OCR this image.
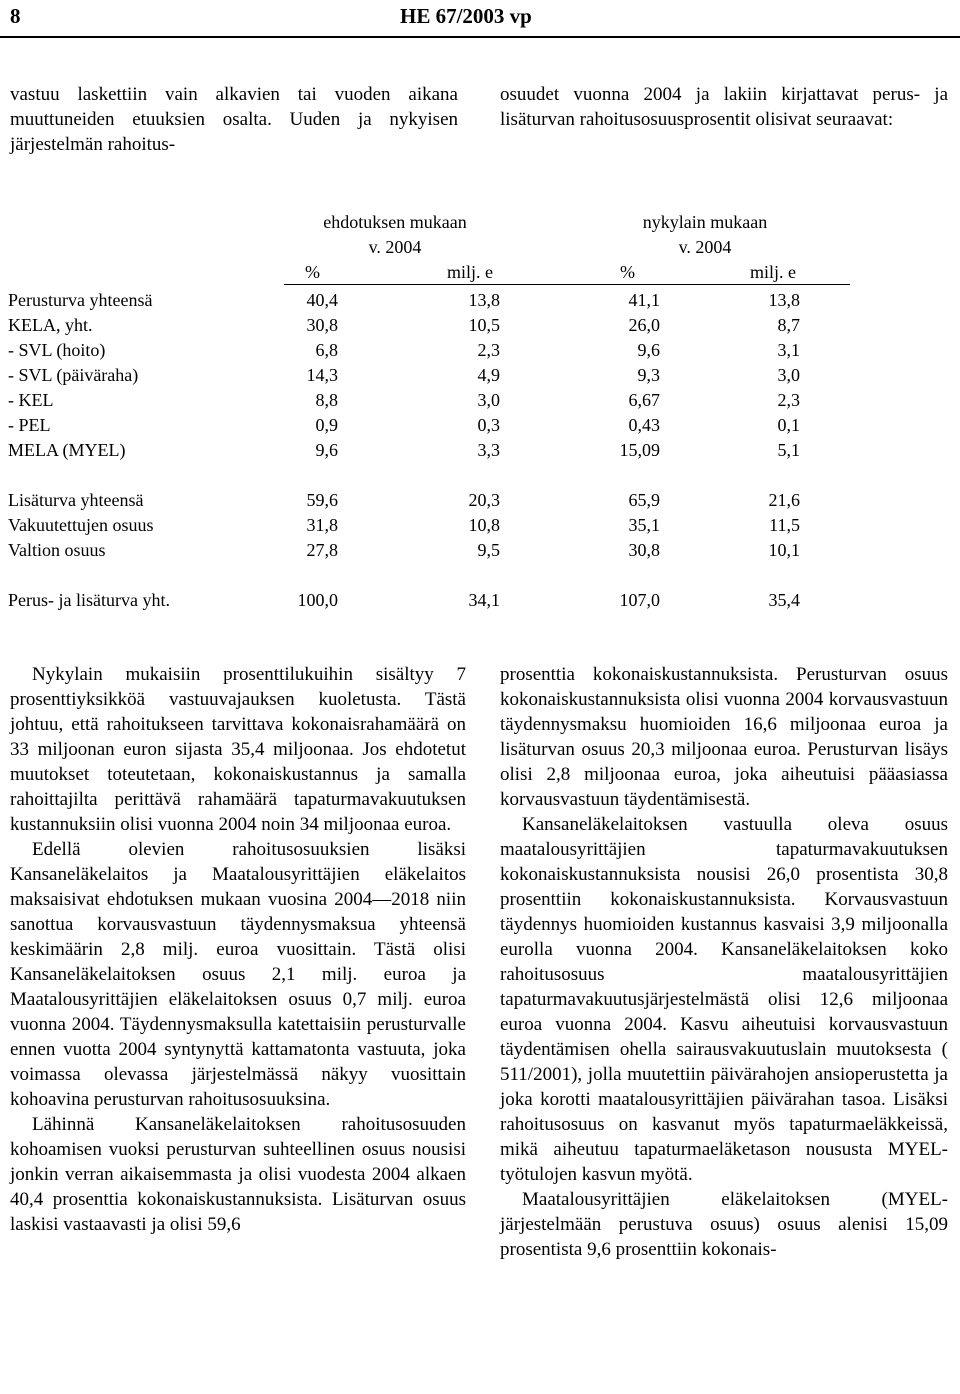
8	HE 67/2003 vp

vastuu laskettiin vain alkavien tai vuoden aikana muuttuneiden etuuksien osalta. Uuden ja nykyisen järjestelmän rahoitus-

osuudet vuonna 2004 ja lakiin kirjattavat perus- ja lisäturvan rahoitusosuusprosentit olisivat seuraavat:

ehdotuksen mukaan	nykylain mukaan
v. 2004	v. 2004
%	milj. e	%	milj. e
Perusturva yhteensä	40,4	13,8	41,1	13,8
KELA, yht.	30,8	10,5	26,0	8,7
- SVL (hoito)	6,8	2,3	9,6	3,1
- SVL (päiväraha)	14,3	4,9	9,3	3,0
- KEL	8,8	3,0	6,67	2,3
- PEL	0,9	0,3	0,43	0,1
MELA (MYEL)	9,6	3,3	15,09	5,1
Lisäturva yhteensä	59,6	20,3	65,9	21,6
Vakuutettujen osuus	31,8	10,8	35,1	11,5
Valtion osuus	27,8	9,5	30,8	10,1
Perus- ja lisäturva yht.	100,0	34,1	107,0	35,4

Nykylain mukaisiin prosenttilukuihin sisältyy 7 prosenttiyksikköä vastuuvajauksen kuoletusta. Tästä johtuu, että rahoitukseen tarvittava kokonaisrahamäärä on 33 miljoonan euron sijasta 35,4 miljoonaa. Jos ehdotetut muutokset toteutetaan, kokonaiskustannus ja samalla rahoittajilta perittävä rahamäärä tapaturmavakuutuksen kustannuksiin olisi vuonna 2004 noin 34 miljoonaa euroa.

Edellä olevien rahoitusosuuksien lisäksi Kansaneläkelaitos ja Maatalousyrittäjien eläkelaitos maksaisivat ehdotuksen mukaan vuosina 2004—2018 niin sanottua korvausvastuun täydennysmaksua yhteensä keskimäärin 2,8 milj. euroa vuosittain. Tästä olisi Kansaneläkelaitoksen osuus 2,1 milj. euroa ja Maatalousyrittäjien eläkelaitoksen osuus 0,7 milj. euroa vuonna 2004. Täydennysmaksulla katettaisiin perusturvalle ennen vuotta 2004 syntynyttä kattamatonta vastuuta, joka voimassa olevassa järjestelmässä näkyy vuosittain kohoavina perusturvan rahoitusosuuksina.

Lähinnä Kansaneläkelaitoksen rahoitusosuuden kohoamisen vuoksi perusturvan suhteellinen osuus nousisi jonkin verran aikaisemmasta ja olisi vuodesta 2004 alkaen 40,4 prosenttia kokonaiskustannuksista. Lisäturvan osuus laskisi vastaavasti ja olisi 59,6

prosenttia kokonaiskustannuksista. Perusturvan osuus kokonaiskustannuksista olisi vuonna 2004 korvausvastuun täydennysmaksu huomioiden 16,6 miljoonaa euroa ja lisäturvan osuus 20,3 miljoonaa euroa. Perusturvan lisäys olisi 2,8 miljoonaa euroa, joka aiheutuisi pääasiassa korvausvastuun täydentämisestä.

Kansaneläkelaitoksen vastuulla oleva osuus maatalousyrittäjien tapaturmavakuutuksen kokonaiskustannuksista nousisi 26,0 prosentista 30,8 prosenttiin kokonaiskustannuksista. Korvausvastuun täydennys huomioiden kustannus kasvaisi 3,9 miljoonalla eurolla vuonna 2004. Kansaneläkelaitoksen koko rahoitusosuus maatalousyrittäjien tapaturmavakuutusjärjestelmästä olisi 12,6 miljoonaa euroa vuonna 2004. Kasvu aiheutuisi korvausvastuun täydentämisen ohella sairausvakuutuslain muutoksesta ( 511/2001), jolla muutettiin päivärahojen ansioperustetta ja joka korotti maatalousyrittäjien päivärahan tasoa. Lisäksi rahoitusosuus on kasvanut myös tapaturmaeläkkeissä, mikä aiheutuu tapaturmaeläketason noususta MYEL-työtulojen kasvun myötä.

Maatalousyrittäjien eläkelaitoksen (MYEL-järjestelmään perustuva osuus) osuus alenisi 15,09 prosentista 9,6 prosenttiin kokonais-
